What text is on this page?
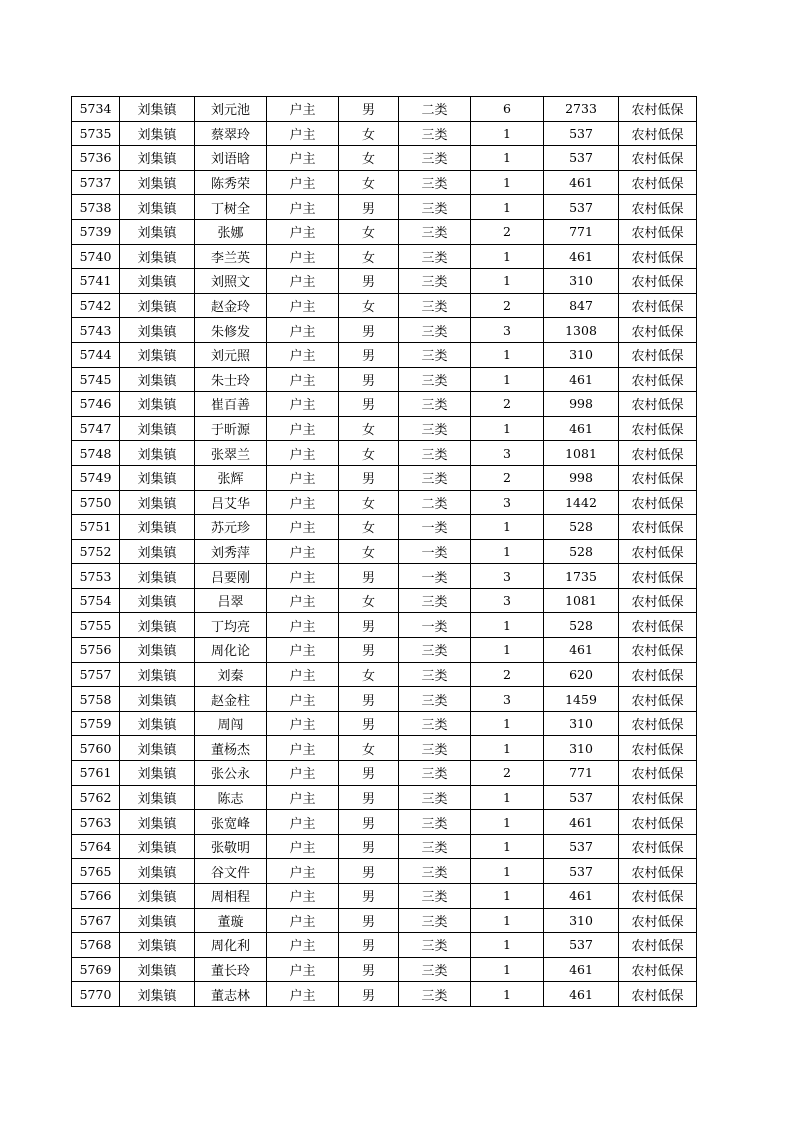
5734	刘集镇	刘元池	户主	男	二类	6	2733	农村低保
5735	刘集镇	蔡翠玲	户主	女	三类	1	537	农村低保
5736	刘集镇	刘语晗	户主	女	三类	1	537	农村低保
5737	刘集镇	陈秀荣	户主	女	三类	1	461	农村低保
5738	刘集镇	丁树全	户主	男	三类	1	537	农村低保
5739	刘集镇	张娜	户主	女	三类	2	771	农村低保
5740	刘集镇	李兰英	户主	女	三类	1	461	农村低保
5741	刘集镇	刘照文	户主	男	三类	1	310	农村低保
5742	刘集镇	赵金玲	户主	女	三类	2	847	农村低保
5743	刘集镇	朱修发	户主	男	三类	3	1308	农村低保
5744	刘集镇	刘元照	户主	男	三类	1	310	农村低保
5745	刘集镇	朱士玲	户主	男	三类	1	461	农村低保
5746	刘集镇	崔百善	户主	男	三类	2	998	农村低保
5747	刘集镇	于昕源	户主	女	三类	1	461	农村低保
5748	刘集镇	张翠兰	户主	女	三类	3	1081	农村低保
5749	刘集镇	张辉	户主	男	三类	2	998	农村低保
5750	刘集镇	吕艾华	户主	女	二类	3	1442	农村低保
5751	刘集镇	苏元珍	户主	女	一类	1	528	农村低保
5752	刘集镇	刘秀萍	户主	女	一类	1	528	农村低保
5753	刘集镇	吕要刚	户主	男	一类	3	1735	农村低保
5754	刘集镇	吕翠	户主	女	三类	3	1081	农村低保
5755	刘集镇	丁均亮	户主	男	一类	1	528	农村低保
5756	刘集镇	周化论	户主	男	三类	1	461	农村低保
5757	刘集镇	刘秦	户主	女	三类	2	620	农村低保
5758	刘集镇	赵金柱	户主	男	三类	3	1459	农村低保
5759	刘集镇	周闯	户主	男	三类	1	310	农村低保
5760	刘集镇	董杨杰	户主	女	三类	1	310	农村低保
5761	刘集镇	张公永	户主	男	三类	2	771	农村低保
5762	刘集镇	陈志	户主	男	三类	1	537	农村低保
5763	刘集镇	张宽峰	户主	男	三类	1	461	农村低保
5764	刘集镇	张敬明	户主	男	三类	1	537	农村低保
5765	刘集镇	谷文件	户主	男	三类	1	537	农村低保
5766	刘集镇	周相程	户主	男	三类	1	461	农村低保
5767	刘集镇	董璇	户主	男	三类	1	310	农村低保
5768	刘集镇	周化利	户主	男	三类	1	537	农村低保
5769	刘集镇	董长玲	户主	男	三类	1	461	农村低保
5770	刘集镇	董志林	户主	男	三类	1	461	农村低保
